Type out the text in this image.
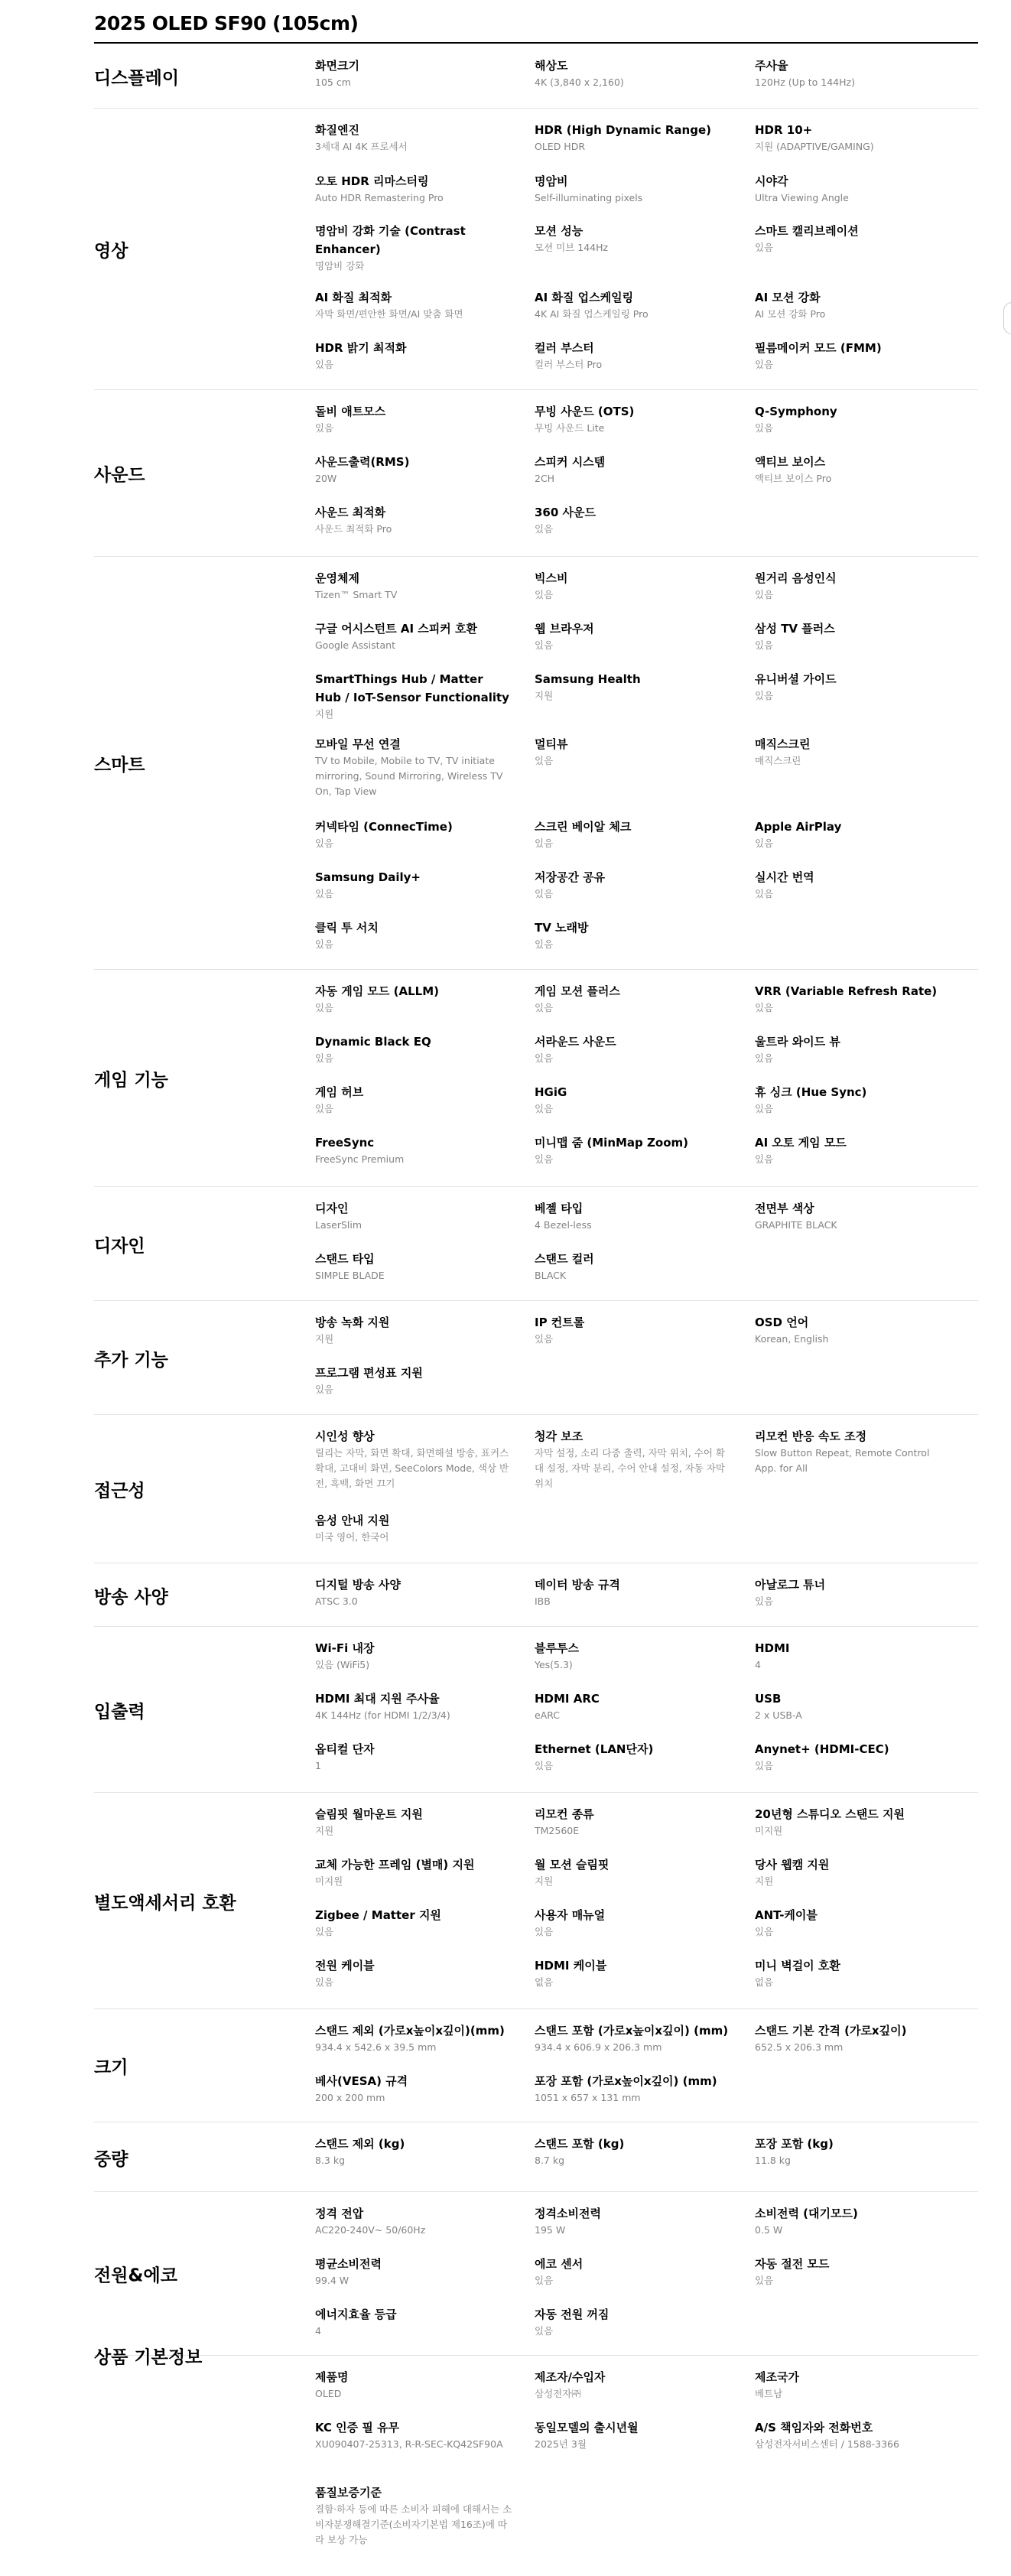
2025 OLED SF90 (105cm)
디스플레이
화면크기
105 cm
해상도
4K (3,840 x 2,160)
주사율
120Hz (Up to 144Hz)
영상
화질엔진
3세대 AI 4K 프로세서
HDR (High Dynamic Range)
OLED HDR
HDR 10+
지원 (ADAPTIVE/GAMING)
오토 HDR 리마스터링
Auto HDR Remastering Pro
명암비
Self-illuminating pixels
시야각
Ultra Viewing Angle
명암비 강화 기술 (Contrast Enhancer)
명암비 강화
모션 성능
모션 미브 144Hz
스마트 캘리브레이션
있음
AI 화질 최적화
자막 화면/편안한 화면/AI 맞춤 화면
AI 화질 업스케일링
4K AI 화질 업스케일링 Pro
AI 모션 강화
AI 모션 강화 Pro
HDR 밝기 최적화
있음
컬러 부스터
컬러 부스터 Pro
필름메이커 모드 (FMM)
있음
사운드
돌비 애트모스
있음
무빙 사운드 (OTS)
무빙 사운드 Lite
Q-Symphony
있음
사운드출력(RMS)
20W
스피커 시스템
2CH
액티브 보이스
액티브 보이스 Pro
사운드 최적화
사운드 최적화 Pro
360 사운드
있음
스마트
운영체제
Tizen™ Smart TV
빅스비
있음
원거리 음성인식
있음
구글 어시스턴트 AI 스피커 호환
Google Assistant
웹 브라우저
있음
삼성 TV 플러스
있음
SmartThings Hub / Matter Hub / IoT-Sensor Functionality
지원
Samsung Health
지원
유니버셜 가이드
있음
모바일 무선 연결
TV to Mobile, Mobile to TV, TV initiate mirroring, Sound Mirroring, Wireless TV On, Tap View
멀티뷰
있음
매직스크린
매직스크린
커넥타임 (ConnecTime)
있음
스크린 베이알 체크
있음
Apple AirPlay
있음
Samsung Daily+
있음
저장공간 공유
있음
실시간 번역
있음
클릭 투 서치
있음
TV 노래방
있음
게임 기능
자동 게임 모드 (ALLM)
있음
게임 모션 플러스
있음
VRR (Variable Refresh Rate)
있음
Dynamic Black EQ
있음
서라운드 사운드
있음
울트라 와이드 뷰
있음
게임 허브
있음
HGiG
있음
휴 싱크 (Hue Sync)
있음
FreeSync
FreeSync Premium
미니맵 줌 (MinMap Zoom)
있음
AI 오토 게임 모드
있음
디자인
디자인
LaserSlim
베젤 타입
4 Bezel-less
전면부 색상
GRAPHITE BLACK
스탠드 타입
SIMPLE BLADE
스탠드 컬러
BLACK
추가 기능
방송 녹화 지원
지원
IP 컨트롤
있음
OSD 언어
Korean, English
프로그램 편성표 지원
있음
접근성
시인성 향상
릴리는 자막, 화면 확대, 화면해설 방송, 표커스 확대, 고대비 화면, SeeColors Mode, 색상 반전, 흑백, 화면 끄기
청각 보조
자막 설정, 소리 다중 출력, 자막 위치, 수어 확대 설정, 자막 분리, 수어 안내 설정, 자동 자막 위치
리모컨 반응 속도 조정
Slow Button Repeat, Remote Control App. for All
음성 안내 지원
미국 영어, 한국어
방송 사양
디지털 방송 사양
ATSC 3.0
데이터 방송 규격
IBB
아날로그 튜너
있음
입출력
Wi-Fi 내장
있음 (WiFi5)
블루투스
Yes(5.3)
HDMI
4
HDMI 최대 지원 주사율
4K 144Hz (for HDMI 1/2/3/4)
HDMI ARC
eARC
USB
2 x USB-A
옵티컬 단자
1
Ethernet (LAN단자)
있음
Anynet+ (HDMI-CEC)
있음
별도액세서리 호환
슬림핏 월마운트 지원
지원
리모컨 종류
TM2560E
20년형 스튜디오 스탠드 지원
미지원
교체 가능한 프레임 (별매) 지원
미지원
월 모션 슬림핏
지원
당사 웹캠 지원
지원
Zigbee / Matter 지원
있음
사용자 매뉴얼
있음
ANT-케이블
있음
전원 케이블
있음
HDMI 케이블
없음
미니 벽걸이 호환
없음
크기
스탠드 제외 (가로x높이x깊이)(mm)
934.4 x 542.6 x 39.5 mm
스탠드 포함 (가로x높이x깊이) (mm)
934.4 x 606.9 x 206.3 mm
스탠드 기본 간격 (가로x깊이)
652.5 x 206.3 mm
베사(VESA) 규격
200 x 200 mm
포장 포함 (가로x높이x깊이) (mm)
1051 x 657 x 131 mm
중량
스탠드 제외 (kg)
8.3 kg
스탠드 포함 (kg)
8.7 kg
포장 포함 (kg)
11.8 kg
전원&에코
정격 전압
AC220-240V~ 50/60Hz
정격소비전력
195 W
소비전력 (대기모드)
0.5 W
평균소비전력
99.4 W
에코 센서
있음
자동 절전 모드
있음
에너지효율 등급
4
자동 전원 꺼짐
있음
상품 기본정보
제품명
OLED
제조자/수입자
삼성전자㈜
제조국가
베트남
KC 인증 필 유무
XU090407-25313, R-R-SEC-KQ42SF90A
동일모델의 출시년월
2025년 3월
A/S 책임자와 전화번호
삼성전자서비스센터 / 1588-3366
품질보증기준
결함·하자 등에 따른 소비자 피해에 대해서는 소비자분쟁해결기준(소비자기본법 제16조)에 따라 보상 가능
